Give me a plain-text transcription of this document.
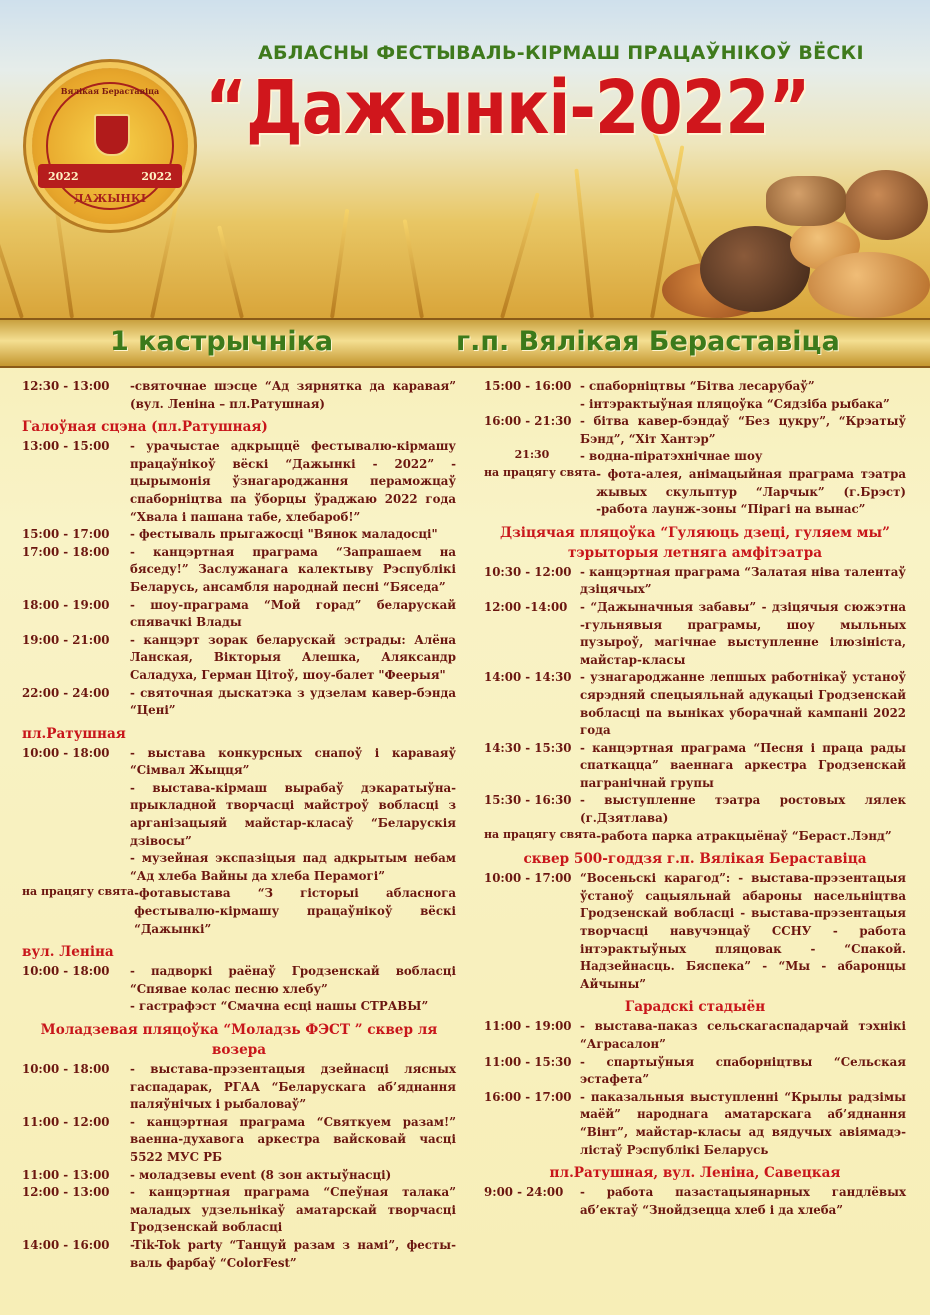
Вялікая Бераставіца
2022	2022
ДАЖЫНКІ
АБЛАСНЫ ФЕСТЫВАЛЬ-КІРМАШ ПРАЦАЎНІКОЎ ВЁСКІ
“Дажынкі-2022”
1 кастрычніка	г.п. Вялікая Бераставіца
12:30 - 13:00	-святочнае шэсце “Ад зярнятка да каравая” (вул. Леніна – пл.Ратушная)
Галоўная сцэна (пл.Ратушная)
13:00 - 15:00	- урачыстае адкрыццё фестывалю-кірмашу працаўнікоў вёскі “Дажынкі - 2022” - цырымонія ўзнагароджання пераможцаў спаборніцтва па ўборцы ўраджаю 2022 года “Хвала і пашана табе, хлебароб!”
15:00 - 17:00	- фестываль прыгажосці "Вянок маладосці"
17:00 - 18:00	- канцэртная праграма “Запрашаем на бяседу!” Заслужанага калектыву Рэспублікі Беларусь, ансамбля народнай песні “Бяседа”
18:00 - 19:00	- шоу-праграма “Мой горад” беларускай спявачкі Влады
19:00 - 21:00	- канцэрт зорак беларускай эстрады: Алёна Ланская, Вікторыя Алешка, Аляксандр Саладуха, Герман Цітоў, шоу-балет "Феерыя"
22:00 - 24:00	- святочная дыскатэка з удзелам кавер-бэнда “Цені”
пл.Ратушная
10:00 - 18:00	- выстава конкурсных снапоў і караваяў “Сімвал Жыцця”
- выстава-кірмаш вырабаў дэкаратыўна-прыкладной творчасці майстроў вобласці з арганізацыяй майстар-класаў “Беларускія дзівосы”
- музейная экспазіцыя пад адкрытым небам “Ад хлеба Вайны да хлеба Перамогі”
на працягу свята -фотавыстава “З гісторыі абласнога фестывалю-кірмашу працаўнікоў вёскі “Дажынкі”
вул. Леніна
10:00 - 18:00	- падворкі раёнаў Гродзенскай вобласці “Спявае колас песню хлебу”
- гастрафэст “Смачна есці нашы СТРАВЫ”
Моладзевая пляцоўка “Моладзь ФЭСТ ” сквер ля возера
10:00 - 18:00	- выстава-прэзентацыя дзейнасці лясных гаспадарак, РГАА “Беларускага аб’яднання паляўнічых і рыбаловаў”
11:00 - 12:00	- канцэртная праграма “Святкуем разам!” ваенна-духавога аркестра вайсковай часці 5522 МУС РБ
11:00 - 13:00	- моладзевы event (8 зон актыўнасці)
12:00 - 13:00	- канцэртная праграма “Спеўная талака” маладых удзельнікаў аматарскай творчасці Гродзенскай вобласці
14:00 - 16:00	-Tik-Tok party “Танцуй разам з намі”, фесты-валь фарбаў “ColorFest”
15:00 - 16:00 - спаборніцтвы “Бітва лесарубаў”
- інтэрактыўная пляцоўка “Сядзіба рыбака”
16:00 - 21:30 - бітва кавер-бэндаў “Без цукру”, “Крэатыў Бэнд”, “Хіт Хантэр”
21:30	- водна-піратэхнічнае шоу
на працягу свята - фота-алея, анімацыйная праграма тэатра жывых скульптур “Ларчык” (г.Брэст) -работа лаунж-зоны “Пірагі на вынас”
Дзіцячая пляцоўка “Гуляюць дзеці, гуляем мы” тэрыторыя летняга амфітэатра
10:30 - 12:00 - канцэртная праграма “Залатая ніва талентаў дзіцячых”
12:00 -14:00	- “Дажыначныя забавы” - дзіцячыя сюжэтна -гульнявыя праграмы, шоу мыльных пузыроў, магічнае выступленне ілюзініста, майстар-класы
14:00 - 14:30 - узнагароджанне лепшых работнікаў устаноў сярэдняй спецыяльнай адукацыі Гродзенскай вобласці па выніках уборачнай кампаніі 2022 года
14:30 - 15:30 - канцэртная праграма “Песня і праца рады спаткацца” ваеннага аркестра Гродзенскай пагранічнай групы
15:30 - 16:30 - выступленне тэатра ростовых лялек (г.Дзятлава)
на працягу свята -работа парка атракцыёнаў “Бераст.Лэнд”
сквер 500-годдзя г.п. Вялікая Бераставіца
10:00 - 17:00 “Восеньскі карагод”: - выстава-прэзентацыя ўстаноў сацыяльнай абароны насельніцтва Гродзенскай вобласці - выстава-прэзентацыя творчасці навучэнцаў ССНУ - работа інтэрактыўных пляцовак - “Спакой. Надзейнасць. Бяспека” - “Мы - абаронцы Айчыны”
Гарадскі стадыён
11:00 - 19:00 - выстава-паказ сельскагаспадарчай тэхнікі “Аграсалон”
11:00 - 15:30 - спартыўныя спаборніцтвы “Сельская эстафета”
16:00 - 17:00 - паказальныя выступленні “Крылы радзімы маёй” народнага аматарскага аб’яднання “Вінт”, майстар-класы ад вядучых авіямадэ-лістаў Рэспублікі Беларусь
пл.Ратушная, вул. Леніна, Савецкая
9:00 - 24:00	- работа пазастацыянарных гандлёвых аб’ектаў “Знойдзецца хлеб і да хлеба”
